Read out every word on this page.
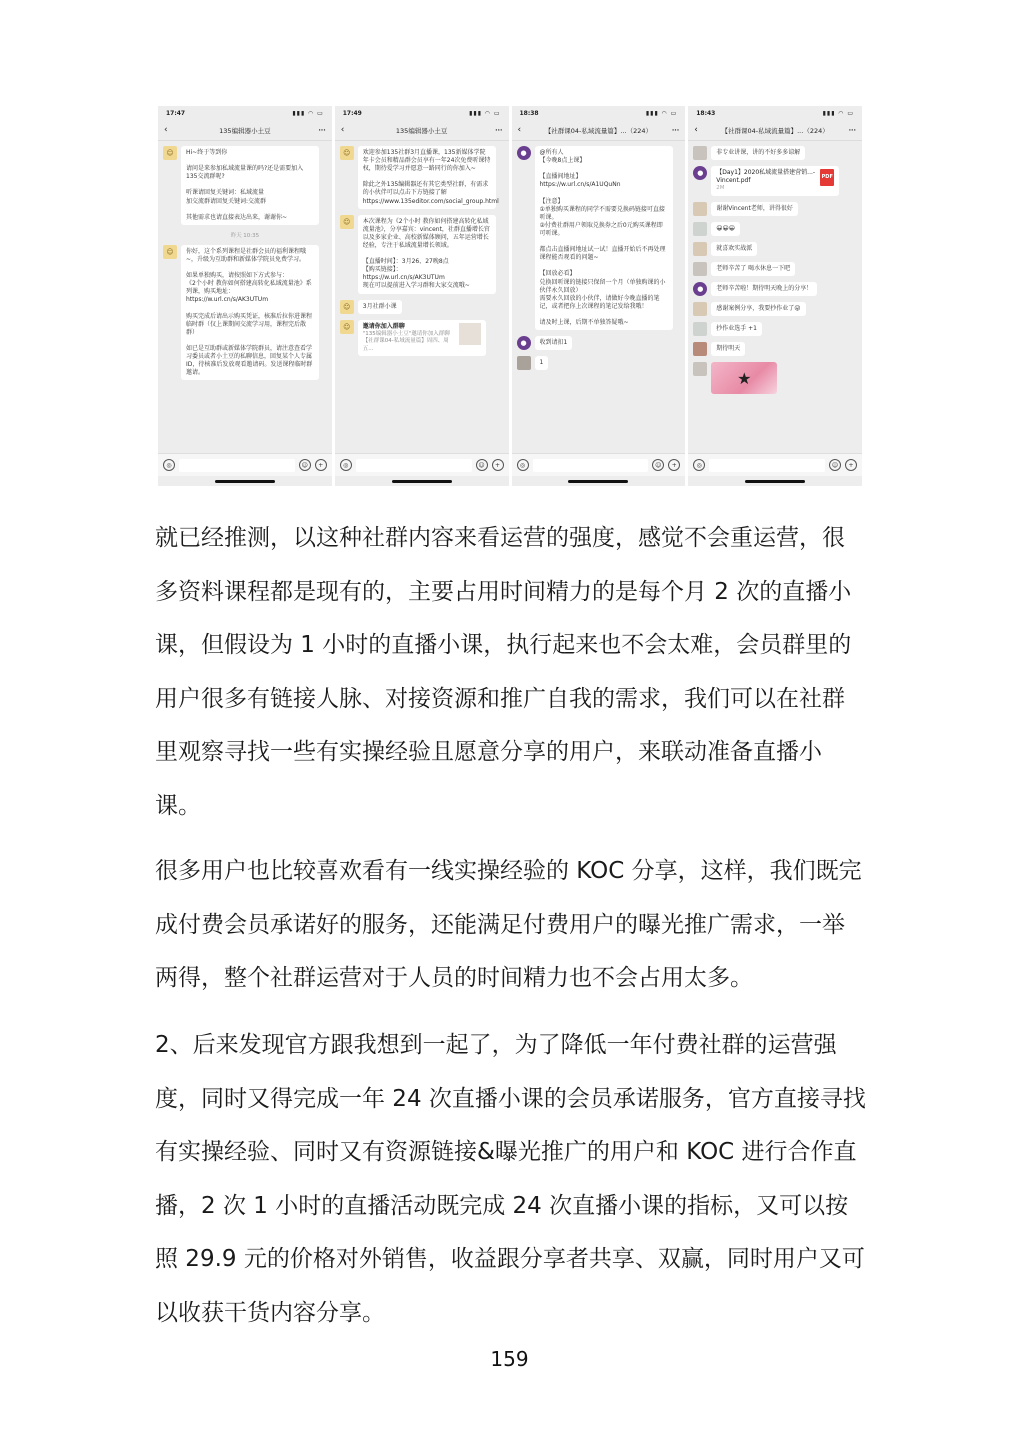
17:47	▮▮▮ ◠ ▭
‹	135编辑器小土豆	···
☺	Hi~终于等到你

请问是来参加私域流量课的吗?还是需要加入135交流群呢?

听课请回复关键词：私域流量
加交流群请回复关键词:交流群

其他需求也请直接表达出来，谢谢你~
昨天 10:35
☺	你好，这个系列课程是社群会员的福利课程哦~，升级为互助群和新媒体学院员免费学习。

如果单独购买，请按照如下方式参与：
《2个小时 教你如何搭建高转化私域流量池》系列课，购买地址：
https://w.url.cn/s/AK3UTUm

购买完成后请出示购买凭证，核准后拉你进课程临时群（仅上课期间交流学习用，课程完后散群）

如已是互助群或新媒体学院群员，请注意查看学习委员或者小土豆的私聊信息，回复某个人专属ID，待核准后发放观看邀请码。发送课程临时群邀请。
◎	☺	+
17:49	▮▮▮ ◠ ▭
‹	135编辑器小土豆	···
☺	欢迎参加135社群3月直播课，135新媒体学院年卡会员和精品群会员享有一年24次免费听课特权，期待爱学习并愿意一路同行的你加入~

除此之外135编辑器还有其它类型社群，有需求的小伙伴可以点击下方链接了解 https://www.135editor.com/social_group.html
☺	本次课程为《2个小时 教你如何搭建高转化私域流量池》，分享嘉宾：vincent，社群直播增长官以及多家企业、高校新媒体顾问，五年运营增长经验，专注于私域流量增长领域。

【直播时间】：3月26、27晚8点
【购买链接】：
https://w.url.cn/s/AK3UTUm
现在可以提前进入学习群和大家交流哦~
☺	3月社群小课
☺	邀请你加入群聊
"135编辑器小土豆"邀请你加入群聊【社群课04-私域流量篇】周四、周五...
◎	☺	+
18:38	▮▮▮ ◠ ▭
‹	【社群课04-私域流量篇】...（224）	···
●	@所有人
【今晚8点上课】

【直播间地址】
https://w.url.cn/s/A1UQuNn

【注意】
①单独购买课程的同学不需要兑换码链接可直接听课。
②付费社群用户领取兑换券之后0元购买课程即可听课。

都点击直播间地址试一试！直播开始后不再处理课程能否观看的问题~

【回放必看】
兑换回听课的链接只保留一个月（单独购课的小伙伴永久回放）
需要永久回放的小伙伴，请做好今晚直播的笔记，或者把你上次课程的笔记发给我哦！

请及时上课，后期不单独答疑哦~
●	收到请扣1
1
◎	☺	+
18:43	▮▮▮ ◠ ▭
‹	【社群课04-私域流量篇】...（224）	···
非专业讲课，讲的不好多多谅解
●	【Day1】2020私域流量搭建营销...-Vincent.pdf
2M
PDF
谢谢Vincent老师，讲得很好
😀😀😀
就喜欢实战派
老师辛苦了 喝水休息一下吧
●	老师辛苦啦！期待明天晚上的分享！
感谢案例分享，我要抄作业了😜
抄作业选手 +1
期待明天
★
◎	☺	+
就已经推测，以这种社群内容来看运营的强度，感觉不会重运营，很多资料课程都是现有的，主要占用时间精力的是每个月 2 次的直播小课，但假设为 1 小时的直播小课，执行起来也不会太难，会员群里的用户很多有链接人脉、对接资源和推广自我的需求，我们可以在社群里观察寻找一些有实操经验且愿意分享的用户，来联动准备直播小课。
很多用户也比较喜欢看有一线实操经验的 KOC 分享，这样，我们既完成付费会员承诺好的服务，还能满足付费用户的曝光推广需求，一举两得，整个社群运营对于人员的时间精力也不会占用太多。
2、后来发现官方跟我想到一起了，为了降低一年付费社群的运营强度，同时又得完成一年 24 次直播小课的会员承诺服务，官方直接寻找有实操经验、同时又有资源链接&曝光推广的用户和 KOC 进行合作直播，2 次 1 小时的直播活动既完成 24 次直播小课的指标，又可以按照 29.9 元的价格对外销售，收益跟分享者共享、双赢，同时用户又可以收获干货内容分享。
159
